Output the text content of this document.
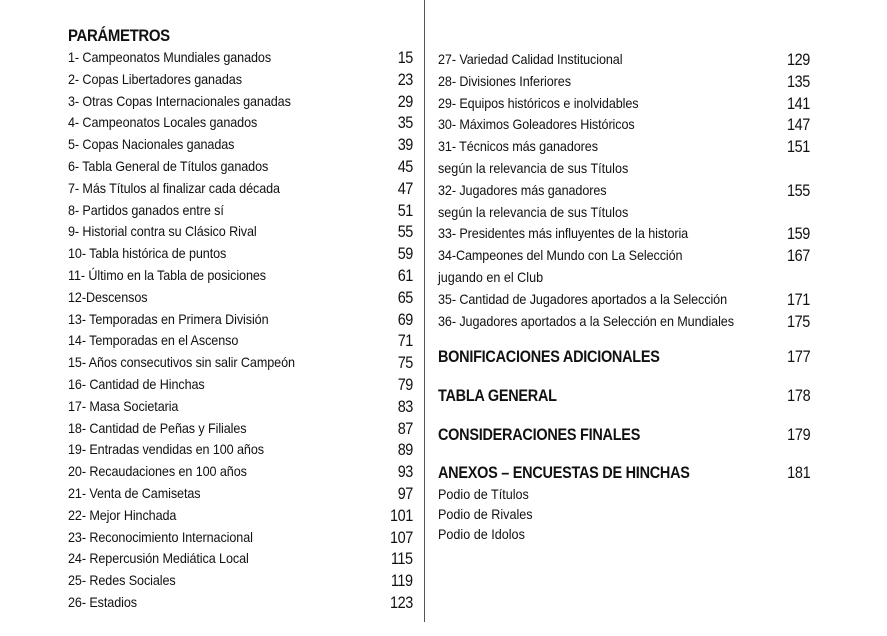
PARÁMETROS
1- Campeonatos Mundiales ganados	15
2- Copas Libertadores ganadas	23
3- Otras Copas Internacionales ganadas	29
4- Campeonatos Locales ganados	35
5- Copas Nacionales ganadas	39
6- Tabla General de Títulos ganados	45
7- Más Títulos al finalizar cada década	47
8- Partidos ganados entre sí	51
9- Historial contra su Clásico Rival	55
10- Tabla histórica de puntos	59
11- Último en la Tabla de posiciones	61
12-Descensos	65
13- Temporadas en Primera División	69
14- Temporadas en el Ascenso	71
15- Años consecutivos sin salir Campeón	75
16- Cantidad de Hinchas	79
17- Masa Societaria	83
18- Cantidad de Peñas y Filiales	87
19- Entradas vendidas en 100 años	89
20- Recaudaciones en 100 años	93
21- Venta de Camisetas	97
22- Mejor Hinchada	101
23- Reconocimiento Internacional	107
24- Repercusión Mediática Local	115
25- Redes Sociales	119
26- Estadios	123
27- Variedad Calidad Institucional	129
28- Divisiones Inferiores	135
29- Equipos históricos e inolvidables	141
30- Máximos Goleadores Históricos	147
31- Técnicos más ganadores	151
según la relevancia de sus Títulos
32- Jugadores más ganadores	155
según la relevancia de sus Títulos
33- Presidentes más influyentes de la historia	159
34-Campeones del Mundo con La Selección	167
jugando en el Club
35- Cantidad de Jugadores aportados a la Selección	171
36- Jugadores aportados a la Selección en Mundiales	175
BONIFICACIONES ADICIONALES	177
TABLA GENERAL	178
CONSIDERACIONES FINALES	179
ANEXOS – ENCUESTAS DE HINCHAS	181
Podio de Títulos
Podio de Rivales
Podio de Idolos
